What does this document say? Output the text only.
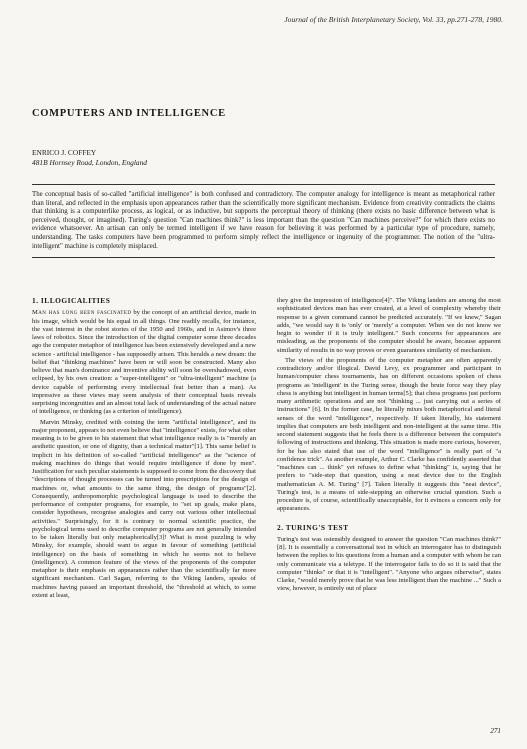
Journal of the British Interplanetary Society, Vol. 33, pp.271-278, 1980.
COMPUTERS AND INTELLIGENCE
ENRICO J. COFFEY
481B Hornsey Road, London, England
The conceptual basis of so-called "artificial intelligence" is both confused and contradictory. The computer analogy for intelligence is meant as metaphorical rather than literal, and reflected in the emphasis upon appearances rather than the scientifically more significant mechanism. Evidence from creativity contradicts the claims that thinking is a computerlike process, as logical, or as inductive, but supports the perceptual theory of thinking (there exists no basic difference between what is perceived, thought, or imagined). Turing's question "Can machines think?" is less important than the question "Can machines perceive?" for which there exists no evidence whatsoever. An artisan can only be termed intelligent if we have reason for believing it was performed by a particular type of procedure, namely, understanding. The tasks computers have been programmed to perform simply reflect the intelligence or ingenuity of the programmer. The notion of the "ultra-intelligent" machine is completely misplaced.
1. ILLOGICALITIES

Man has long been fascinated by the concept of an artificial device, made in his image, which would be his equal in all things. One readily recalls, for instance, the vast interest in the robot stories of the 1950 and 1960s, and in Asimov's three laws of robotics. Since the introduction of the digital computer some three decades ago the computer metaphor of intelligence has been extensively developed and a new science - artificial intelligence - has supposedly arisen. This heralds a new dream: the belief that "thinking machines" have been or will soon be constructed. Many also believe that man's dominance and inventive ability will soon be overshadowed, even eclipsed, by his own creation: a "super-intelligent" or "ultra-intelligent" machine (a device capable of performing every intellectual feat better than a man). As impressive as these views may seem analysis of their conceptual basis reveals surprising incongruities and an almost total lack of understanding of the actual nature of intelligence, or thinking (as a criterion of intelligence).

Marvin Minsky, credited with coining the term "artificial intelligence", and its major proponent, appears to not even believe that "intelligence" exists, for what other meaning is to be given to his statement that what intelligence really is is "merely an aesthetic question, or one of dignity, than a technical matter"[1]. This same belief is implicit in his definition of so-called "artificial intelligence" as the "science of making machines do things that would require intelligence if done by men". Justification for such peculiar statements is supposed to come from the discovery that "descriptions of thought processes can be turned into prescriptions for the design of machines or, what amounts to the same thing, the design of programs"[2]. Consequently, anthropomorphic psychological language is used to describe the performance of computer programs, for example, to "set up goals, make plans, consider hypotheses, recognise analogies and carry out various other intellectual activities." Surprisingly, for it is contrary to normal scientific practice, the psychological terms used to describe computer programs are not generally intended to be taken literally but only metaphorically[3]! What is most puzzling is why Minsky, for example, should want to argue in favour of something (artificial intelligence) on the basis of something in which he seems not to believe (intelligence). A common feature of the views of the proponents of the computer metaphor is their emphasis on appearances rather than the scientifically far more significant mechanism. Carl Sagan, referring to the Viking landers, speaks of machines having passed an important threshold, the "threshold at which, to some extent at least,

they give the impression of intelligence[4]". The Viking landers are among the most sophisticated devices man has ever created, at a level of complexity whereby their response to a given command cannot be predicted accurately. "If we knew," Sagan adds, "we would say it is 'only' or 'merely' a computer. When we do not know we begin to wonder if it is truly intelligent." Such concerns for appearances are misleading, as the proponents of the computer should be aware, because apparent similarity of results in no way proves or even guarantees similarity of mechanism.

The views of the proponents of the computer metaphor are often apparently contradictory and/or illogical. David Levy, ex programmer and participant in human/computer chess tournaments, has on different occasions spoken of chess programs as 'intelligent' in the Turing sense, though the brute force way they play chess is anything but intelligent in human terms[5]; that chess programs just perform many arithmetic operations and are not "thinking ... just carrying out a series of instructions" [6]. In the former case, he literally mixes both metaphorical and literal senses of the word "intelligence", respectively. If taken literally, his statement implies that computers are both intelligent and non-intelligent at the same time. His second statement suggests that he feels there is a difference between the computer's following of instructions and thinking. This situation is made more curious, however, for he has also stated that use of the word "intelligence" is really part of "a confidence trick". As another example, Arthur C. Clarke has confidently asserted that "machines can ... think" yet refuses to define what "thinking" is, saying that he prefers to "side-step that question, using a neat device due to the English mathematician A. M. Turing" [7]. Taken literally it suggests this "neat device", Turing's test, is a means of side-stepping an otherwise crucial question. Such a procedure is, of course, scientifically unacceptable, for it evinces a concern only for appearances.

2. TURING'S TEST

Turing's test was ostensibly designed to answer the question "Can machines think?" [8]. It is essentially a conversational test in which an interrogator has to distinguish between the replies to his questions from a human and a computer with whom he can only communicate via a teletype. If the interrogator fails to do so it is said that the computer "thinks" or that it is "intelligent". "Anyone who argues otherwise", states Clarke, "would merely prove that he was less intelligent than the machine ..." Such a view, however, is entirely out of place

271
